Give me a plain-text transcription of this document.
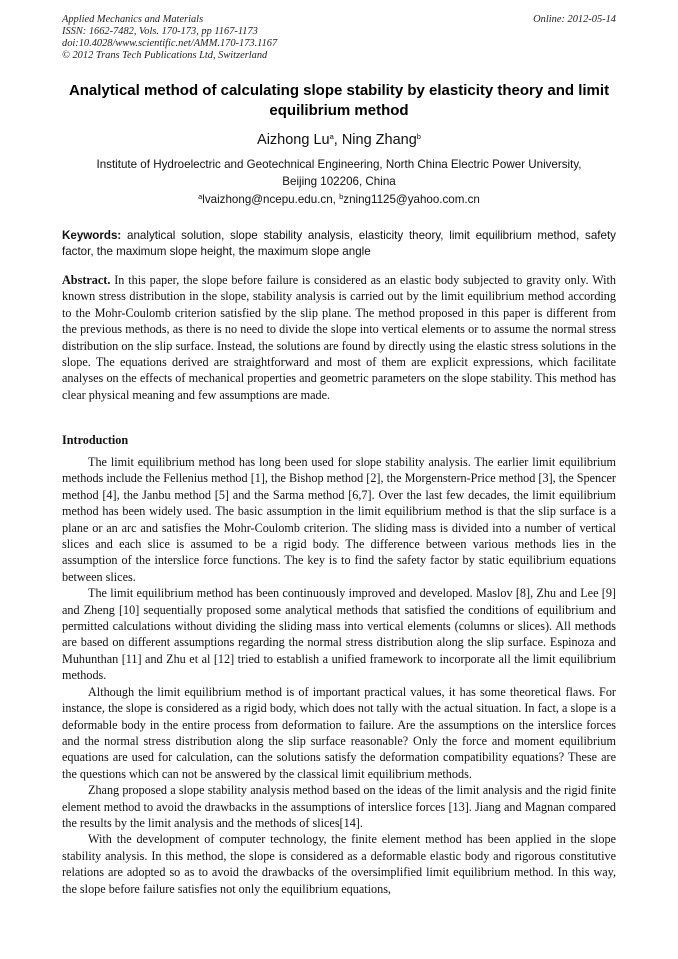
Applied Mechanics and Materials
ISSN: 1662-7482, Vols. 170-173, pp 1167-1173
doi:10.4028/www.scientific.net/AMM.170-173.1167
© 2012 Trans Tech Publications Ltd, Switzerland
Online: 2012-05-14
Analytical method of calculating slope stability by elasticity theory and limit equilibrium method
Aizhong Lu$^a$, Ning Zhang$^b$
Institute of Hydroelectric and Geotechnical Engineering, North China Electric Power University,
Beijing 102206, China
$^a$lvaizhong@ncepu.edu.cn, $^b$zning1125@yahoo.com.cn
Keywords: analytical solution, slope stability analysis, elasticity theory, limit equilibrium method, safety factor, the maximum slope height, the maximum slope angle
Abstract. In this paper, the slope before failure is considered as an elastic body subjected to gravity only. With known stress distribution in the slope, stability analysis is carried out by the limit equilibrium method according to the Mohr-Coulomb criterion satisfied by the slip plane. The method proposed in this paper is different from the previous methods, as there is no need to divide the slope into vertical elements or to assume the normal stress distribution on the slip surface. Instead, the solutions are found by directly using the elastic stress solutions in the slope. The equations derived are straightforward and most of them are explicit expressions, which facilitate analyses on the effects of mechanical properties and geometric parameters on the slope stability. This method has clear physical meaning and few assumptions are made.
Introduction

The limit equilibrium method has long been used for slope stability analysis. The earlier limit equilibrium methods include the Fellenius method [1], the Bishop method [2], the Morgenstern-Price method [3], the Spencer method [4], the Janbu method [5] and the Sarma method [6,7]. Over the last few decades, the limit equilibrium method has been widely used. The basic assumption in the limit equilibrium method is that the slip surface is a plane or an arc and satisfies the Mohr-Coulomb criterion. The sliding mass is divided into a number of vertical slices and each slice is assumed to be a rigid body. The difference between various methods lies in the assumption of the interslice force functions. The key is to find the safety factor by static equilibrium equations between slices.

The limit equilibrium method has been continuously improved and developed. Maslov [8], Zhu and Lee [9] and Zheng [10] sequentially proposed some analytical methods that satisfied the conditions of equilibrium and permitted calculations without dividing the sliding mass into vertical elements (columns or slices). All methods are based on different assumptions regarding the normal stress distribution along the slip surface. Espinoza and Muhunthan [11] and Zhu et al [12] tried to establish a unified framework to incorporate all the limit equilibrium methods.

Although the limit equilibrium method is of important practical values, it has some theoretical flaws. For instance, the slope is considered as a rigid body, which does not tally with the actual situation. In fact, a slope is a deformable body in the entire process from deformation to failure. Are the assumptions on the interslice forces and the normal stress distribution along the slip surface reasonable? Only the force and moment equilibrium equations are used for calculation, can the solutions satisfy the deformation compatibility equations? These are the questions which can not be answered by the classical limit equilibrium methods.

Zhang proposed a slope stability analysis method based on the ideas of the limit analysis and the rigid finite element method to avoid the drawbacks in the assumptions of interslice forces [13]. Jiang and Magnan compared the results by the limit analysis and the methods of slices[14].

With the development of computer technology, the finite element method has been applied in the slope stability analysis. In this method, the slope is considered as a deformable elastic body and rigorous constitutive relations are adopted so as to avoid the drawbacks of the oversimplified limit equilibrium method. In this way, the slope before failure satisfies not only the equilibrium equations,
